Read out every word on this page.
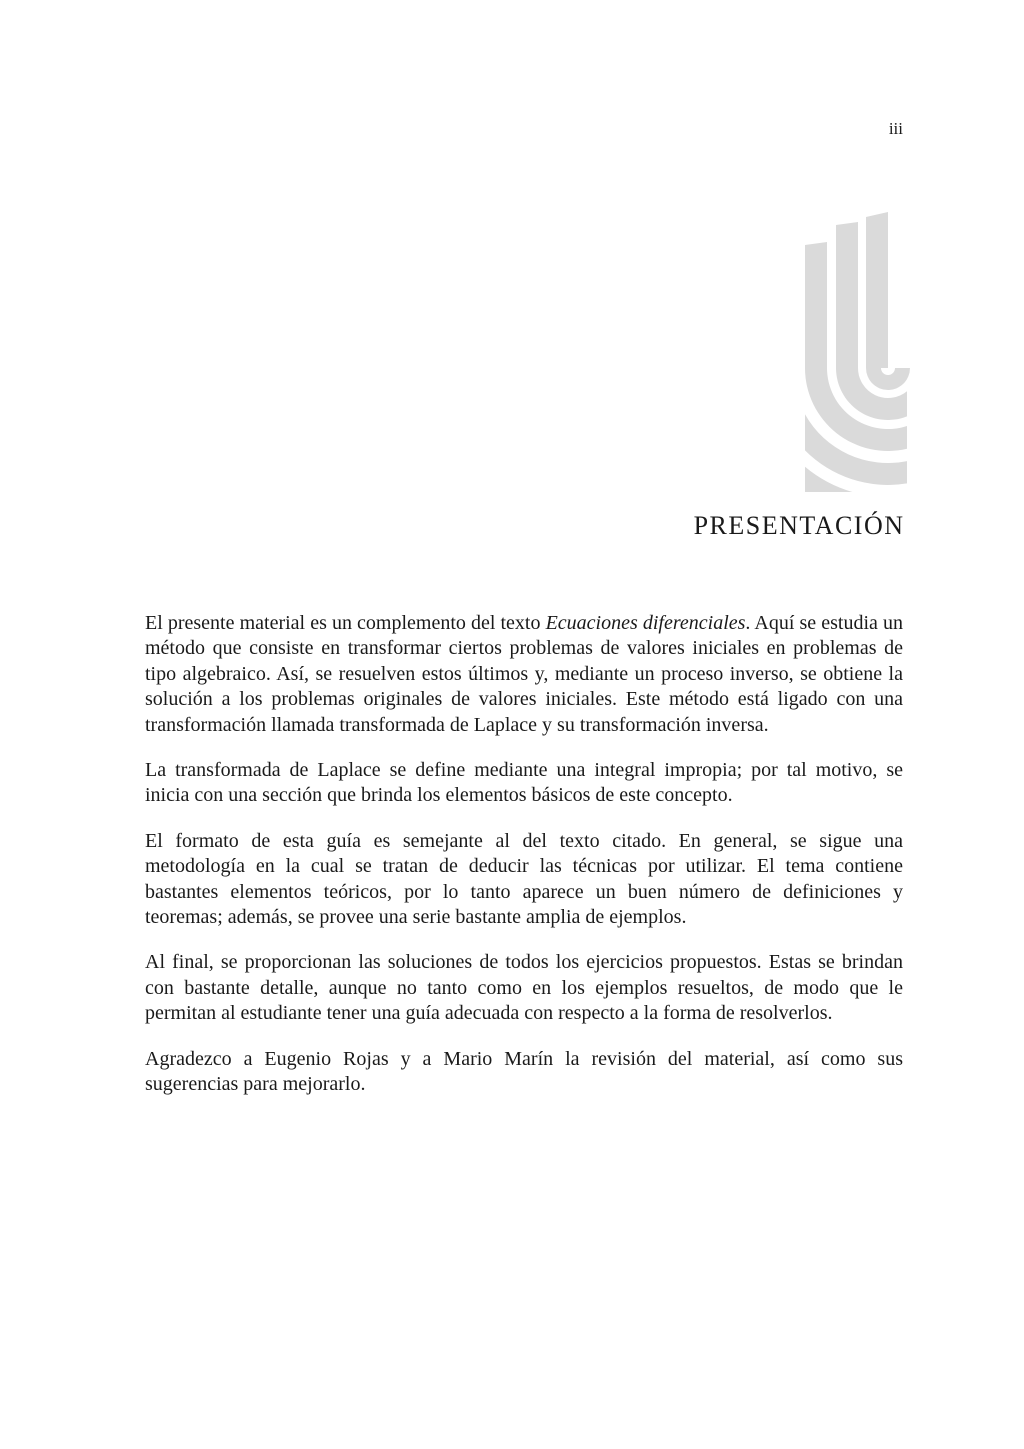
iii
PRESENTACIÓN
El presente material es un complemento del texto Ecuaciones diferenciales. Aquí se estudia un
método que consiste en transformar ciertos problemas de valores iniciales en problemas de
tipo algebraico. Así, se resuelven estos últimos y, mediante un proceso inverso, se obtiene la
solución a los problemas originales de valores iniciales. Este método está ligado con una
transformación llamada transformada de Laplace y su transformación inversa.
La transformada de Laplace se define mediante una integral impropia; por tal motivo, se
inicia con una sección que brinda los elementos básicos de este concepto.
El formato de esta guía es semejante al del texto citado. En general, se sigue una
metodología en la cual se tratan de deducir las técnicas por utilizar. El tema contiene
bastantes elementos teóricos, por lo tanto aparece un buen número de definiciones y
teoremas; además, se provee una serie bastante amplia de ejemplos.
Al final, se proporcionan las soluciones de todos los ejercicios propuestos. Estas se brindan
con bastante detalle, aunque no tanto como en los ejemplos resueltos, de modo que le
permitan al estudiante tener una guía adecuada con respecto a la forma de resolverlos.
Agradezco a Eugenio Rojas y a Mario Marín la revisión del material, así como sus
sugerencias para mejorarlo.
